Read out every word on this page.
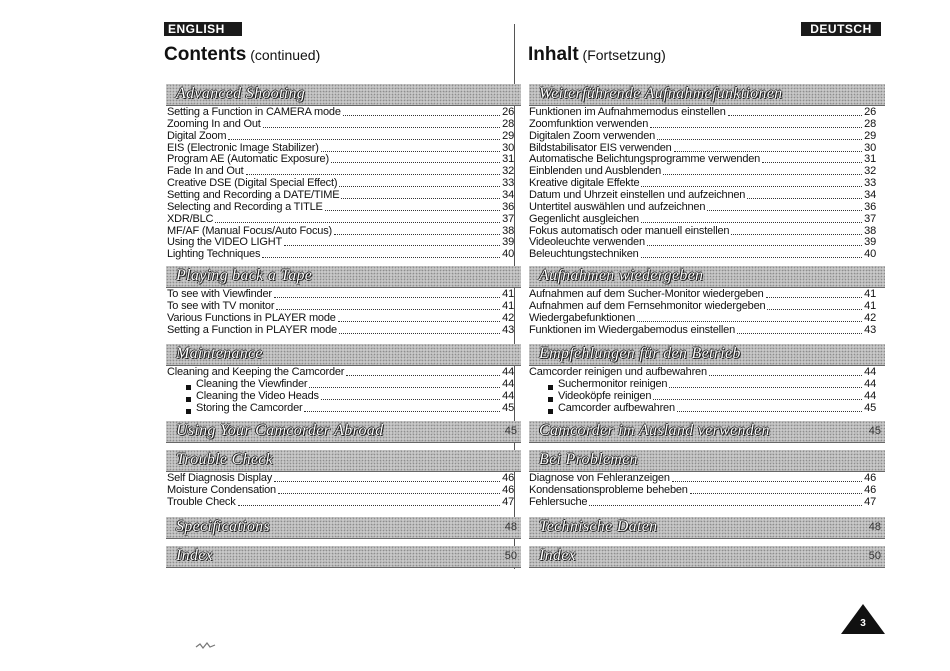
ENGLISH	DEUTSCH
Contents (continued)	Inhalt (Fortsetzung)
Advanced Shooting
Setting a Function in CAMERA mode	26
Zooming In and Out	28
Digital Zoom	29
EIS (Electronic Image Stabilizer)	30
Program AE (Automatic Exposure)	31
Fade In and Out	32
Creative DSE (Digital Special Effect)	33
Setting and Recording a DATE/TIME	34
Selecting and Recording a TITLE	36
XDR/BLC	37
MF/AF (Manual Focus/Auto Focus)	38
Using the VIDEO LIGHT	39
Lighting Techniques	40
Playing back a Tape
To see with Viewfinder	41
To see with TV monitor	41
Various Functions in PLAYER mode	42
Setting a Function in PLAYER mode	43
Maintenance
Cleaning and Keeping the Camcorder	44
Cleaning the Viewfinder	44
Cleaning the Video Heads	44
Storing the Camcorder	45
Using Your Camcorder Abroad	45
Trouble Check
Self Diagnosis Display	46
Moisture Condensation	46
Trouble Check	47
Specifications	48
Index	50
Weiterführende Aufnahmefunktionen
Funktionen im Aufnahmemodus einstellen	26
Zoomfunktion verwenden	28
Digitalen Zoom verwenden	29
Bildstabilisator EIS verwenden	30
Automatische Belichtungsprogramme verwenden	31
Einblenden und Ausblenden	32
Kreative digitale Effekte	33
Datum und Uhrzeit einstellen und aufzeichnen	34
Untertitel auswählen und aufzeichnen	36
Gegenlicht ausgleichen	37
Fokus automatisch oder manuell einstellen	38
Videoleuchte verwenden	39
Beleuchtungstechniken	40
Aufnahmen wiedergeben
Aufnahmen auf dem Sucher-Monitor wiedergeben	41
Aufnahmen auf dem Fernsehmonitor wiedergeben	41
Wiedergabefunktionen	42
Funktionen im Wiedergabemodus einstellen	43
Empfehlungen für den Betrieb
Camcorder reinigen und aufbewahren	44
Suchermonitor reinigen	44
Videoköpfe reinigen	44
Camcorder aufbewahren	45
Camcorder im Ausland verwenden	45
Bei Problemen
Diagnose von Fehleranzeigen	46
Kondensationsprobleme beheben	46
Fehlersuche	47
Technische Daten	48
Index	50
3
